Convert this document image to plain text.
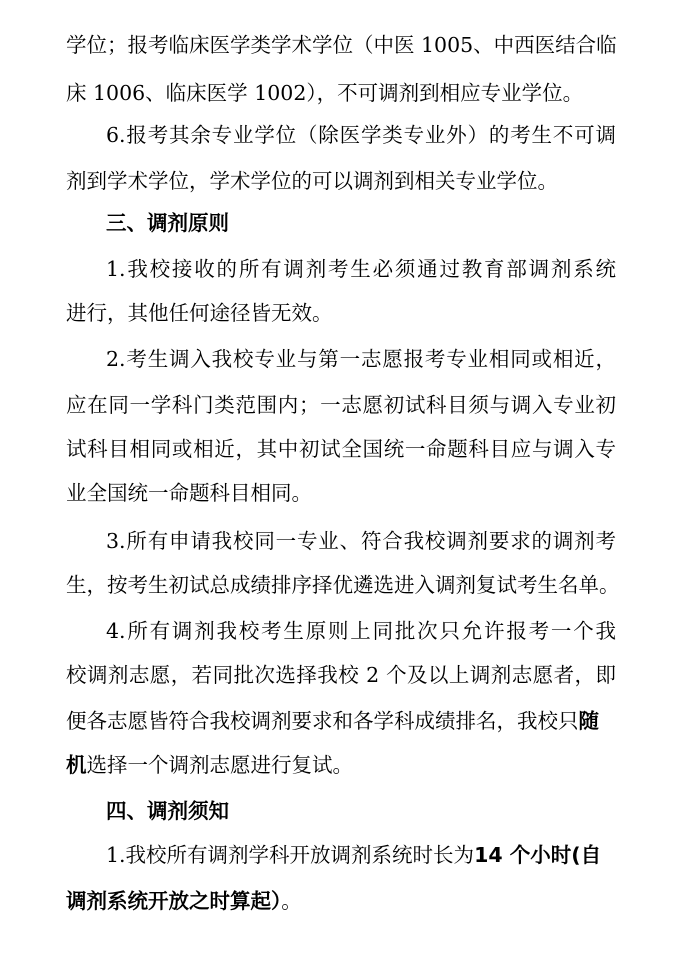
学位；报考临床医学类学术学位（中医 1005、中西医结合临
床 1006、临床医学 1002），不可调剂到相应专业学位。
6.报考其余专业学位（除医学类专业外）的考生不可调
剂到学术学位，学术学位的可以调剂到相关专业学位。
三、调剂原则
1.我校接收的所有调剂考生必须通过教育部调剂系统
进行，其他任何途径皆无效。
2.考生调入我校专业与第一志愿报考专业相同或相近，
应在同一学科门类范围内；一志愿初试科目须与调入专业初
试科目相同或相近，其中初试全国统一命题科目应与调入专
业全国统一命题科目相同。
3.所有申请我校同一专业、符合我校调剂要求的调剂考
生，按考生初试总成绩排序择优遴选进入调剂复试考生名单。
4.所有调剂我校考生原则上同批次只允许报考一个我
校调剂志愿，若同批次选择我校 2 个及以上调剂志愿者，即
便各志愿皆符合我校调剂要求和各学科成绩排名，我校只随
机选择一个调剂志愿进行复试。
四、调剂须知
1.我校所有调剂学科开放调剂系统时长为14 个小时(自
调剂系统开放之时算起）。
